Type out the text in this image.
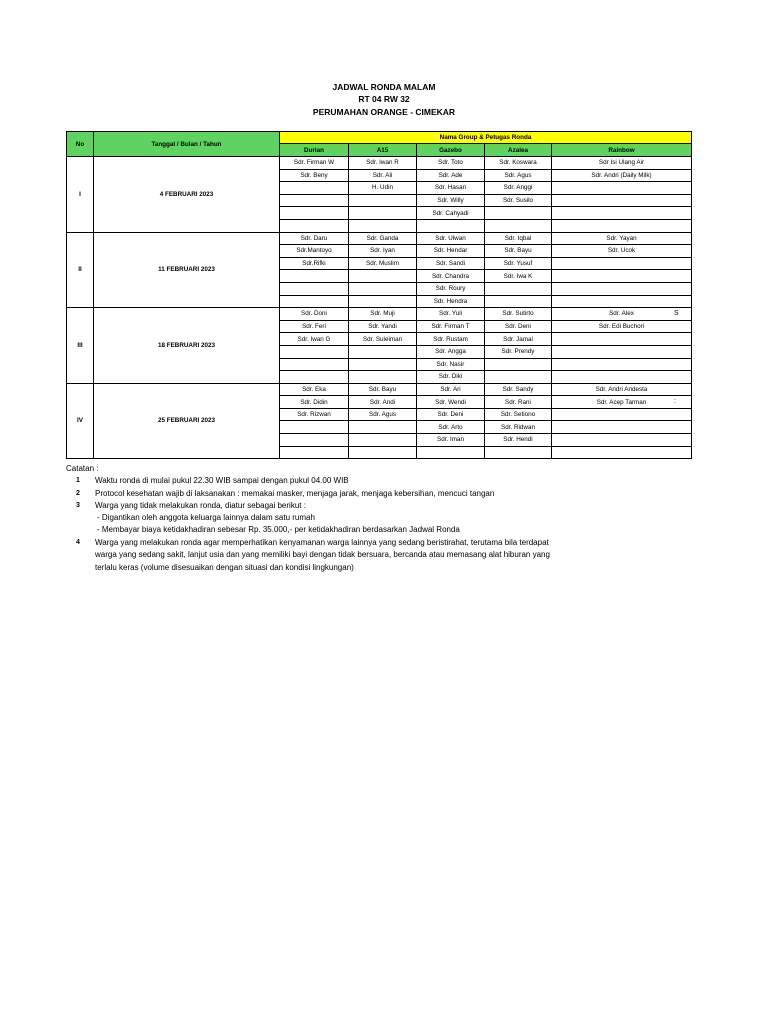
JADWAL RONDA MALAM
RT 04 RW 32
PERUMAHAN ORANGE - CIMEKAR
No	Tanggal / Bulan / Tahun	Nama Group & Petugas Ronda				
		Durian	A15	Gazebo	Azalea	Rainbow
I	4 FEBRUARI 2023	Sdr. Firman W	Sdr. Iwan R	Sdr. Toto	Sdr. Koswara	Sdr Isi Ulang Air
		Sdr. Beny	Sdr. Ali	Sdr. Ade	Sdr. Agus	Sdr. Andri (Daily Milk)
			H. Udin	Sdr. Hasan	Sdr. Anggi	
				Sdr. Willy	Sdr. Susilo	
				Sdr. Cahyadi		

II	11 FEBRUARI 2023	Sdr. Daru	Sdr. Ganda	Sdr. Ulwan	Sdr. Iqbal	Sdr. Yayan
		Sdr.Mantoyo	Sdr. Iyan	Sdr. Hendar	Sdr. Bayu	Sdr. Ucok
		Sdr.Rifki	Sdr. Muslim	Sdr. Sandi	Sdr. Yusuf	
				Sdr. Chandra	Sdr. Iwa K	
				Sdr. Roury		
				Sdr. Hendra		
III	18 FEBRUARI 2023	Sdr. Doni	Sdr. Muji	Sdr. Yuli	Sdr. Sutirto	Sdr. Alex
		Sdr. Feri	Sdr. Yandi	Sdr. Firman T	Sdr. Deni	Sdr. Edi Buchori
		Sdr. Iwan G	Sdr. Suleiman	Sdr. Rustam	Sdr. Jamal	
				Sdr. Angga	Sdr. Prendy	
				Sdr. Nasir		
				Sdr. Diki		
IV	25 FEBRUARI 2023	Sdr. Eka	Sdr. Bayu	Sdr. Ari	Sdr. Sandy	Sdr. Andri Andesta
		Sdr. Didin	Sdr. Andi	Sdr. Wendi	Sdr. Rani	Sdr. Acep Tarman
		Sdr. Rizwan	Sdr. Agus	Sdr. Deni	Sdr. Setiono	
				Sdr. Arto	Sdr. Ridwan	
				Sdr. Iman	Sdr. Hendi	

S
:
Catatan :
1 Waktu ronda di mulai pukul 22.30 WIB sampai dengan pukul 04.00 WIB
2 Protocol kesehatan wajib di laksanakan : memakai masker, menjaga jarak, menjaga kebersihan, mencuci tangan
3 Warga yang tidak melakukan ronda, diatur sebagai berikut :
- Digantikan oleh anggota keluarga lainnya dalam satu rumah
- Membayar biaya ketidakhadiran sebesar Rp. 35.000,- per ketidakhadiran berdasarkan Jadwal Ronda
4 Warga yang melakukan ronda agar memperhatikan kenyamanan warga lainnya yang sedang beristirahat, terutama bila terdapat
warga yang sedang sakit, lanjut usia dan yang memiliki bayi dengan tidak bersuara, bercanda atau memasang alat hiburan yang
terlalu keras (volume disesuaikan dengan situasi dan kondisi lingkungan)
